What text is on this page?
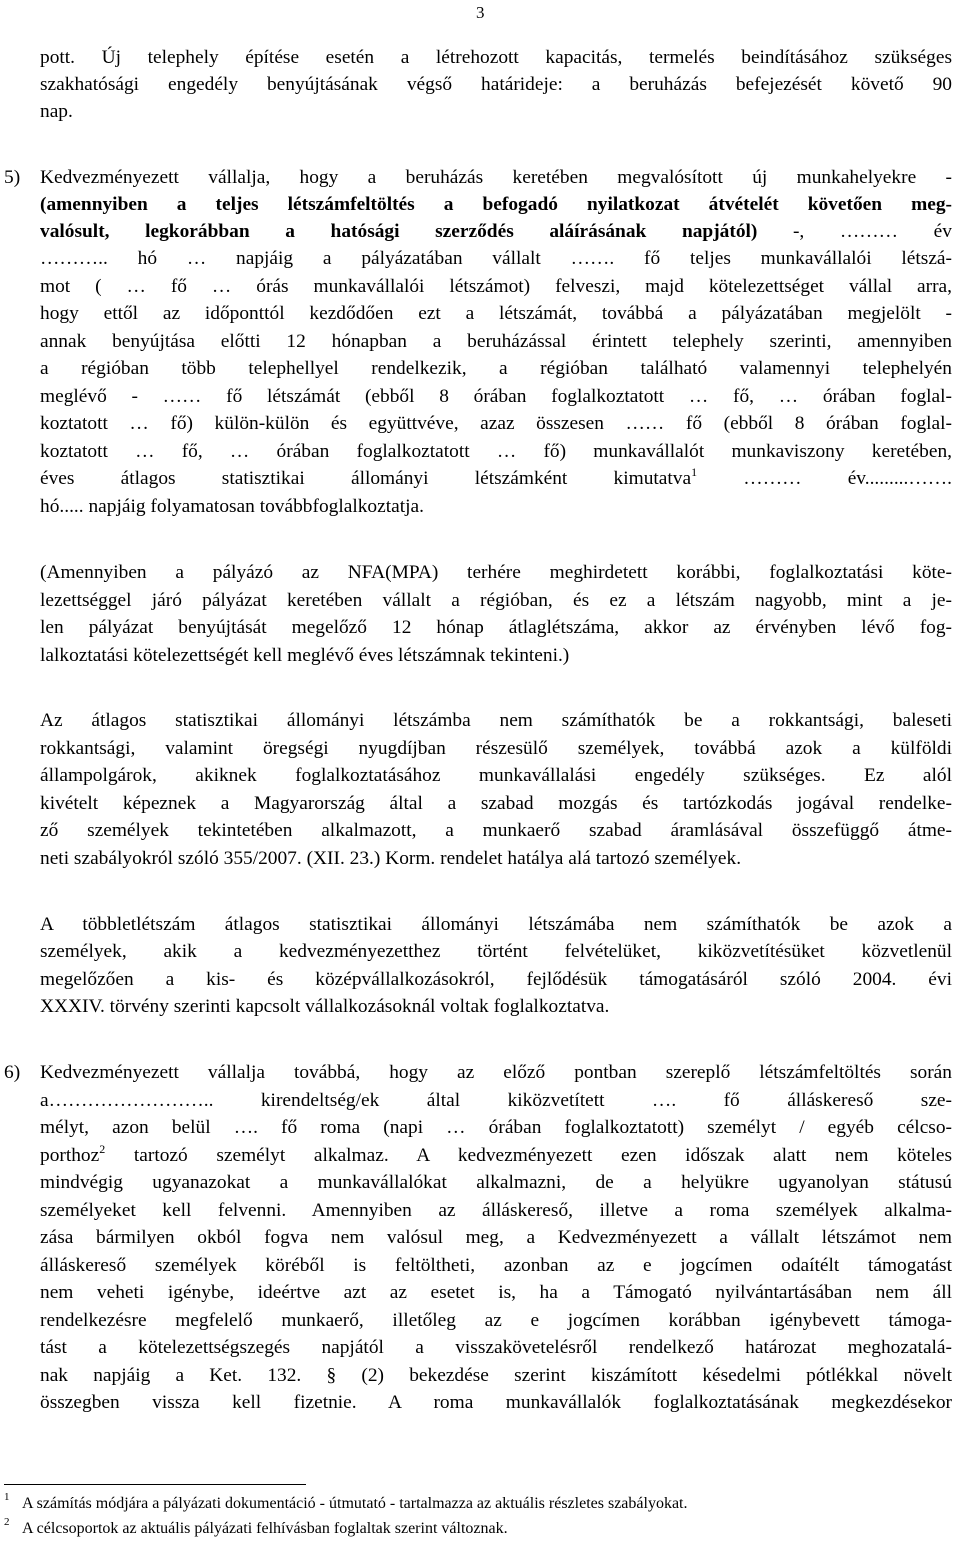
3
pott. Új telephely építése esetén a létrehozott kapacitás, termelés beindításához szükséges
szakhatósági engedély benyújtásának végső határideje: a beruházás befejezését követő 90
nap.
5) Kedvezményezett vállalja, hogy a beruházás keretében megvalósított új munkahelyekre -
(amennyiben a teljes létszámfeltöltés a befogadó nyilatkozat átvételét követően meg-
valósult, legkorábban a hatósági szerződés aláírásának napjától) -, ……… év
……….. hó … napjáig a pályázatában vállalt ……. fő teljes munkavállalói létszá-
mot ( … fő … órás munkavállalói létszámot) felveszi, majd kötelezettséget vállal arra,
hogy ettől az időponttól kezdődően ezt a létszámát, továbbá a pályázatában megjelölt -
annak benyújtása előtti 12 hónapban a beruházással érintett telephely szerinti, amennyiben
a régióban több telephellyel rendelkezik, a régióban található valamennyi telephelyén
meglévő - …… fő létszámát (ebből 8 órában foglalkoztatott … fő, … órában foglal-
koztatott … fő) külön-külön és együttvéve, azaz összesen …… fő (ebből 8 órában foglal-
koztatott … fő, … órában foglalkoztatott … fő) munkavállalót munkaviszony keretében,
éves átlagos statisztikai állományi létszámként kimutatva$^1$ ……… év.........…….
hó..... napjáig folyamatosan továbbfoglalkoztatja.
(Amennyiben a pályázó az NFA(MPA) terhére meghirdetett korábbi, foglalkoztatási köte-
lezettséggel járó pályázat keretében vállalt a régióban, és ez a létszám nagyobb, mint a je-
len pályázat benyújtását megelőző 12 hónap átlaglétszáma, akkor az érvényben lévő fog-
lalkoztatási kötelezettségét kell meglévő éves létszámnak tekinteni.)
Az átlagos statisztikai állományi létszámba nem számíthatók be a rokkantsági, baleseti
rokkantsági, valamint öregségi nyugdíjban részesülő személyek, továbbá azok a külföldi
állampolgárok, akiknek foglalkoztatásához munkavállalási engedély szükséges. Ez alól
kivételt képeznek a Magyarország által a szabad mozgás és tartózkodás jogával rendelke-
ző személyek tekintetében alkalmazott, a munkaerő szabad áramlásával összefüggő átme-
neti szabályokról szóló 355/2007. (XII. 23.) Korm. rendelet hatálya alá tartozó személyek.
A többletlétszám átlagos statisztikai állományi létszámába nem számíthatók be azok a
személyek, akik a kedvezményezetthez történt felvételüket, kiközvetítésüket közvetlenül
megelőzően a kis- és középvállalkozásokról, fejlődésük támogatásáról szóló 2004. évi
XXXIV. törvény szerinti kapcsolt vállalkozásoknál voltak foglalkoztatva.
6) Kedvezményezett vállalja továbbá, hogy az előző pontban szereplő létszámfeltöltés során
a…………………….. kirendeltség/ek által kiközvetített …. fő álláskereső sze-
mélyt, azon belül …. fő roma (napi … órában foglalkoztatott) személyt / egyéb célcso-
porthoz$^2$ tartozó személyt alkalmaz. A kedvezményezett ezen időszak alatt nem köteles
mindvégig ugyanazokat a munkavállalókat alkalmazni, de a helyükre ugyanolyan státusú
személyeket kell felvenni. Amennyiben az álláskereső, illetve a roma személyek alkalma-
zása bármilyen okból fogva nem valósul meg, a Kedvezményezett a vállalt létszámot nem
álláskereső személyek köréből is feltöltheti, azonban az e jogcímen odaítélt támogatást
nem veheti igénybe, ideértve azt az esetet is, ha a Támogató nyilvántartásában nem áll
rendelkezésre megfelelő munkaerő, illetőleg az e jogcímen korábban igénybevett támoga-
tást a kötelezettségszegés napjától a visszakövetelésről rendelkező határozat meghozatalá-
nak napjáig a Ket. 132. § (2) bekezdése szerint kiszámított késedelmi pótlékkal növelt
összegben vissza kell fizetnie. A roma munkavállalók foglalkoztatásának megkezdésekor
1 A számítás módjára a pályázati dokumentáció - útmutató - tartalmazza az aktuális részletes szabályokat.
2 A célcsoportok az aktuális pályázati felhívásban foglaltak szerint változnak.
